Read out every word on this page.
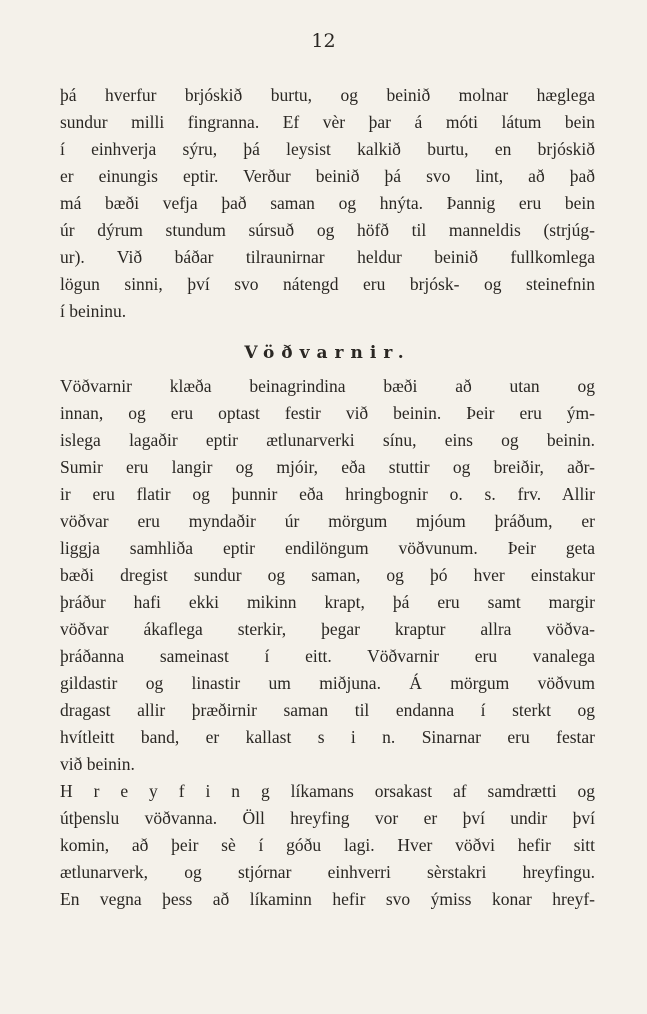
12
þá hverfur brjóskið burtu, og beinið molnar hæglega
sundur milli fingranna. Ef vèr þar á móti látum bein
í einhverja sýru, þá leysist kalkið burtu, en brjóskið
er einungis eptir. Verður beinið þá svo lint, að það
má bæði vefja það saman og hnýta. Þannig eru bein
úr dýrum stundum súrsuð og höfð til manneldis (strjúg-
ur). Við báðar tilraunirnar heldur beinið fullkomlega
lögun sinni, því svo nátengd eru brjósk- og steinefnin
í beininu.
Vöðvarnir.
Vöðvarnir klæða beinagrindina bæði að utan og
innan, og eru optast festir við beinin. Þeir eru ým-
islega lagaðir eptir ætlunarverki sínu, eins og beinin.
Sumir eru langir og mjóir, eða stuttir og breiðir, aðr-
ir eru flatir og þunnir eða hringbognir o. s. frv. Allir
vöðvar eru myndaðir úr mörgum mjóum þráðum, er
liggja samhliða eptir endilöngum vöðvunum. Þeir geta
bæði dregist sundur og saman, og þó hver einstakur
þráður hafi ekki mikinn krapt, þá eru samt margir
vöðvar ákaflega sterkir, þegar kraptur allra vöðva-
þráðanna sameinast í eitt. Vöðvarnir eru vanalega
gildastir og linastir um miðjuna. Á mörgum vöðvum
dragast allir þræðirnir saman til endanna í sterkt og
hvítleitt band, er kallast s i n. Sinarnar eru festar
við beinin.
H r e y f i n g líkamans orsakast af samdrætti og
útþenslu vöðvanna. Öll hreyfing vor er því undir því
komin, að þeir sè í góðu lagi. Hver vöðvi hefir sitt
ætlunarverk, og stjórnar einhverri sèrstakri hreyfingu.
En vegna þess að líkaminn hefir svo ýmiss konar hreyf-
